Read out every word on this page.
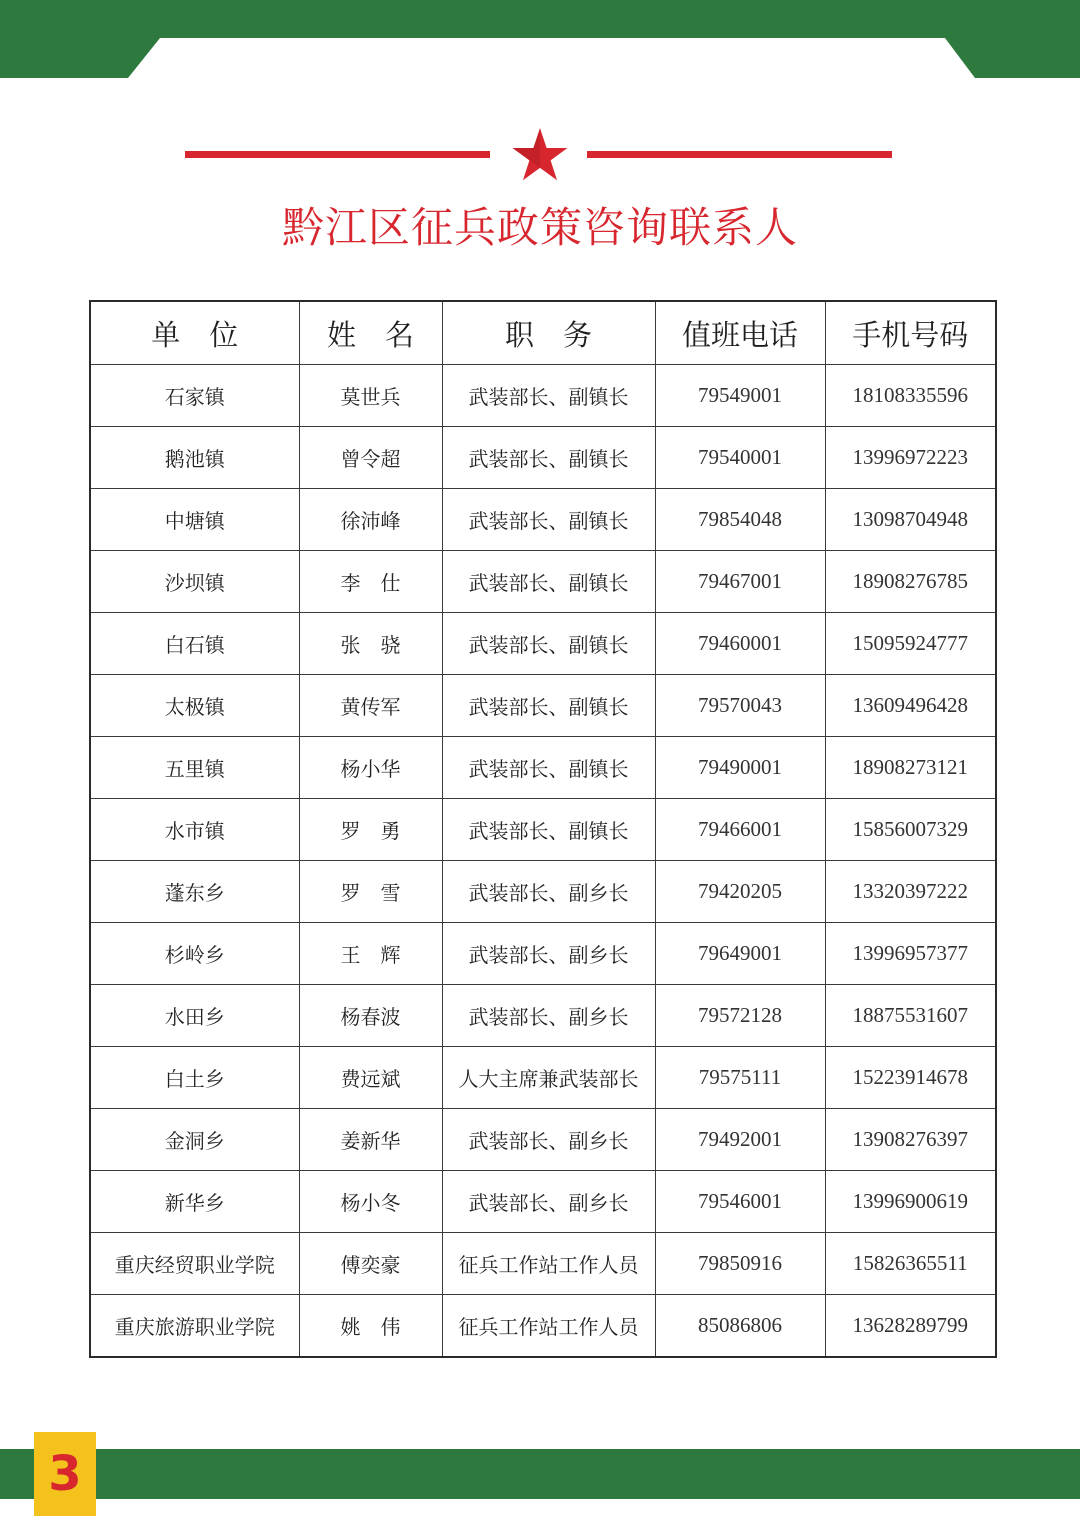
黔江区征兵政策咨询联系人
单　位	姓　名	职　务	值班电话	手机号码
石家镇	莫世兵	武装部长、副镇长	79549001	18108335596
鹅池镇	曾令超	武装部长、副镇长	79540001	13996972223
中塘镇	徐沛峰	武装部长、副镇长	79854048	13098704948
沙坝镇	李　仕	武装部长、副镇长	79467001	18908276785
白石镇	张　骁	武装部长、副镇长	79460001	15095924777
太极镇	黄传军	武装部长、副镇长	79570043	13609496428
五里镇	杨小华	武装部长、副镇长	79490001	18908273121
水市镇	罗　勇	武装部长、副镇长	79466001	15856007329
蓬东乡	罗　雪	武装部长、副乡长	79420205	13320397222
杉岭乡	王　辉	武装部长、副乡长	79649001	13996957377
水田乡	杨春波	武装部长、副乡长	79572128	18875531607
白土乡	费远斌	人大主席兼武装部长	79575111	15223914678
金洞乡	姜新华	武装部长、副乡长	79492001	13908276397
新华乡	杨小冬	武装部长、副乡长	79546001	13996900619
重庆经贸职业学院	傅奕豪	征兵工作站工作人员	79850916	15826365511
重庆旅游职业学院	姚　伟	征兵工作站工作人员	85086806	13628289799
3
